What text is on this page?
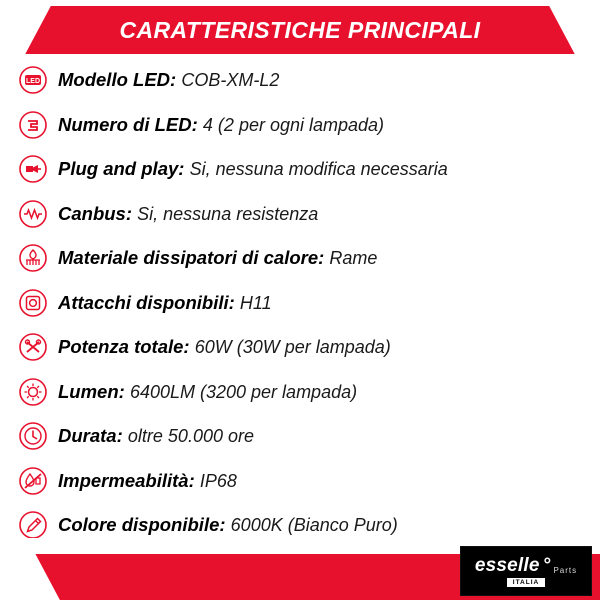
CARATTERISTICHE PRINCIPALI
LED Modello LED: COB-XM-L2
Numero di LED: 4 (2 per ogni lampada)
Plug and play: Si, nessuna modifica necessaria
Canbus: Si, nessuna resistenza
Materiale dissipatori di calore: Rame
Attacchi disponibili: H11
Potenza totale: 60W (30W per lampada)
Lumen: 6400LM (3200 per lampada)
Durata: oltre 50.000 ore
Impermeabilità: IP68
Colore disponibile: 6000K (Bianco Puro)
esselle ° Parts
ITALIA
